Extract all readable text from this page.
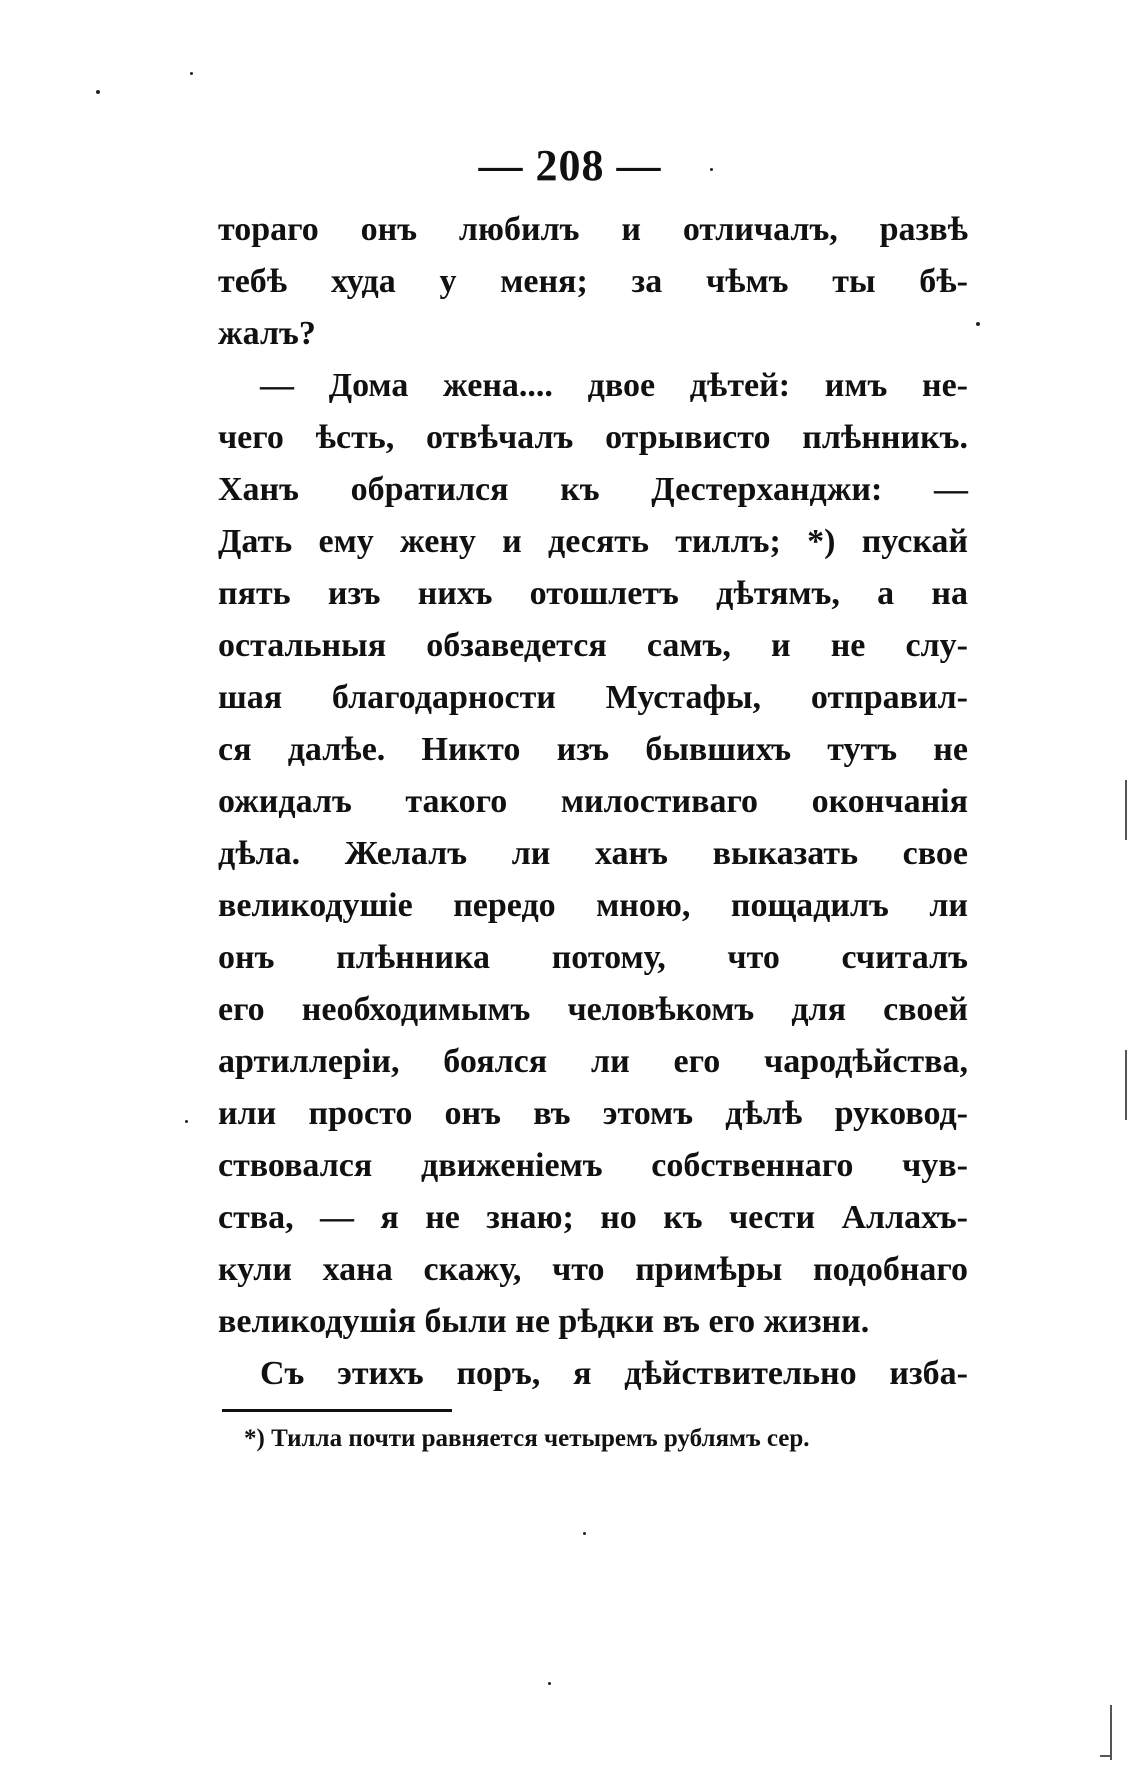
— 208 —
тораго онъ любилъ и отличалъ, развѣ
тебѣ худа у меня; за чѣмъ ты бѣ-
жалъ?
— Дома жена.... двое дѣтей: имъ не-
чего ѣсть, отвѣчалъ отрывисто плѣнникъ.
Ханъ обратился къ Дестерханджи: —
Дать ему жену и десять тиллъ; *) пускай
пять изъ нихъ отошлетъ дѣтямъ, а на
остальныя обзаведется самъ, и не слу-
шая благодарности Мустафы, отправил-
ся далѣе. Никто изъ бывшихъ тутъ не
ожидалъ такого милостиваго окончанія
дѣла. Желалъ ли ханъ выказать свое
великодушіе передо мною, пощадилъ ли
онъ плѣнника потому, что считалъ
его необходимымъ человѣкомъ для своей
артиллеріи, боялся ли его чародѣйства,
или просто онъ въ этомъ дѣлѣ руковод-
ствовался движеніемъ собственнаго чув-
ства, — я не знаю; но къ чести Аллахъ-
кули хана скажу, что примѣры подобнаго
великодушія были не рѣдки въ его жизни.
Съ этихъ поръ, я дѣйствительно изба-
*) Тилла почти равняется четыремъ рублямъ сер.
